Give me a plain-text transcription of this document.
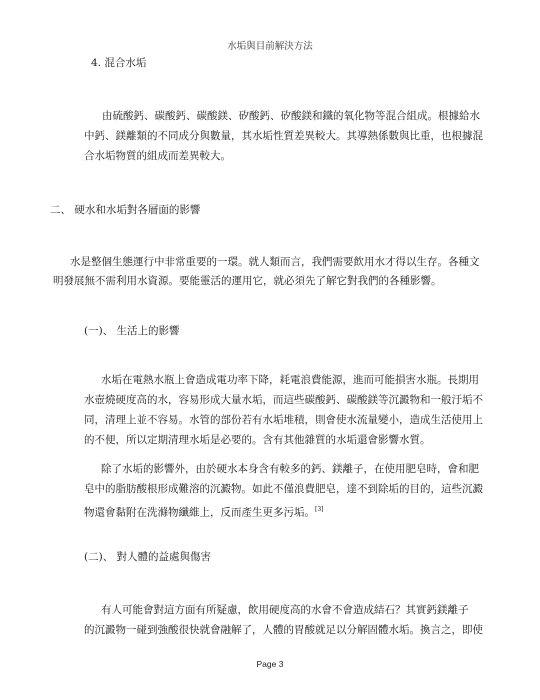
水垢與目前解決方法
4. 混合水垢
由硫酸鈣、碳酸鈣、碳酸鎂、矽酸鈣、矽酸鎂和鐵的氧化物等混合組成。根據給水
中鈣、鎂離類的不同成分與數量，其水垢性質差異較大。其導熱係數與比重，也根據混
合水垢物質的組成而差異較大。
二、 硬水和水垢對各層面的影響
水是整個生態運行中非常重要的一環。就人類而言，我們需要飲用水才得以生存。各種文
明發展無不需利用水資源。要能靈活的運用它，就必須先了解它對我們的各種影響。
(一)、 生活上的影響
水垢在電熱水瓶上會造成電功率下降，耗電浪費能源，進而可能損害水瓶。長期用
水壺燒硬度高的水，容易形成大量水垢，而這些碳酸鈣、碳酸鎂等沉澱物和一般汙垢不
同，清理上並不容易。水管的部份若有水垢堆積，則會使水流量變小，造成生活使用上
的不便，所以定期清理水垢是必要的。含有其他雜質的水垢還會影響水質。
除了水垢的影響外，由於硬水本身含有較多的鈣、鎂離子，在使用肥皂時，會和肥
皂中的脂肪酸根形成難溶的沉澱物。如此不僅浪費肥皂，達不到除垢的目的，這些沉澱
物還會黏附在洗滌物纖維上，反而產生更多污垢。[3]
(二)、 對人體的益處與傷害
有人可能會對這方面有所疑慮，飲用硬度高的水會不會造成結石？其實鈣鎂離子
的沉澱物一碰到強酸很快就會融解了，人體的胃酸就足以分解固體水垢。換言之，即使
Page 3
